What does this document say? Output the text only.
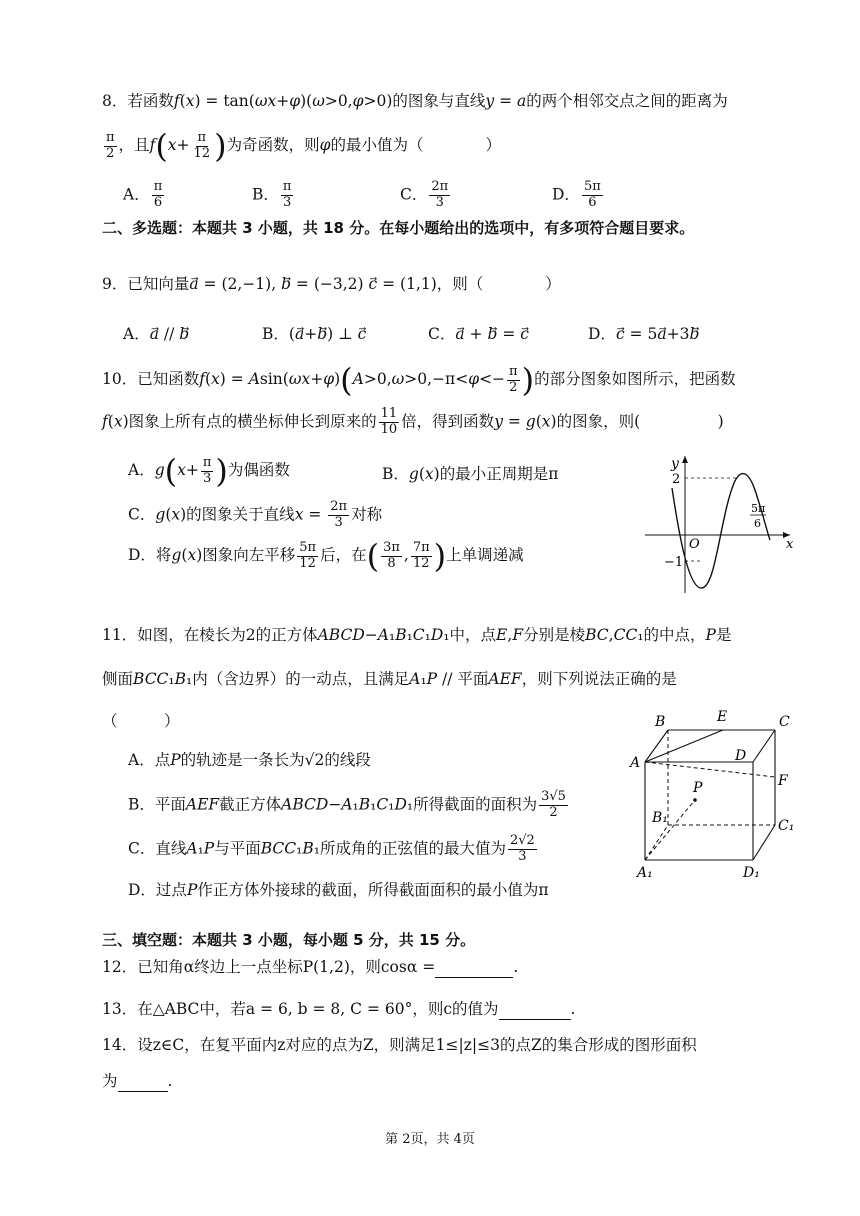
8．若函数f(x) = tan(ωx+φ)(ω>0,φ>0)的图象与直线y = a的两个相邻交点之间的距离为
$\frac{\pi}{2}$ ，且$f(x+ \frac{\pi}{12}$ )为奇函数，则φ的最小值为（　　　　）
A． $\frac{\pi}{6}$	B． $\frac{\pi}{3}$	C． $\frac{2\pi}{3}$	D． $\frac{5\pi}{6}$
二、多选题：本题共 3 小题，共 18 分。在每小题给出的选项中，有多项符合题目要求。
9．已知向量a⃗ = (2,−1), b⃗ = (−3,2) c⃗ = (1,1)，则（　　　　）
A．a⃗ // b	B．(a⃗+b⃗) ⊥ c	C．a⃗ + b⃗ = c	D．c⃗ = 5a⃗+3b
10．已知函数$f(x) = Asin(\omega x+\varphi)(A>0,\omega>0,-\pi<\varphi<- \frac{\pi}{2}$ )的部分图象如图所示，把函数
f(x)图象上所有点的横坐标伸长到原来的 $\frac{11}{10}$ 倍，得到函数y = g(x)的图象，则(　　　　　)
A．$g(x+ \frac{\pi}{3}$ )为偶函数	B．g(x)的最小正周期是π
C．g(x)的图象关于直线$x = \frac{2\pi}{3}$ 对称
D．将g(x)图象向左平移 $\frac{5\pi}{12}$ 后，在( $\frac{3\pi}{8}$ , $\frac{7\pi}{12}$ )上单调递减
y
2
−1
O	x
5π
6
11．如图，在棱长为2的正方体ABCD−A₁B₁C₁D₁中，点E,F分别是棱BC,CC₁的中点，P是
侧面BCC₁B₁内（含边界）的一动点，且满足A₁P // 平面AEF，则下列说法正确的是
（　　　）
A．点P的轨迹是一条长为√2的线段
B．平面AEF截正方体ABCD−A₁B₁C₁D₁所得截面的面积为 $\frac{3√5}{2}$
C．直线A₁P与平面BCC₁B₁所成角的正弦值的最大值为 $\frac{2√2}{3}$
D．过点P作正方体外接球的截面，所得截面面积的最小值为π
B	E	C
A	D
F
P
B₁	C₁
A₁	D₁
三、填空题：本题共 3 小题，每小题 5 分，共 15 分。
12．已知角α终边上一点坐标P(1,2)，则cosα =	.
13．在△ABC中，若a = 6, b = 8, C = 60°，则c的值为	.
14．设z∈C，在复平面内z对应的点为Z，则满足1≤|z|≤3的点Z的集合形成的图形面积
为	.
第 2页，共 4页
